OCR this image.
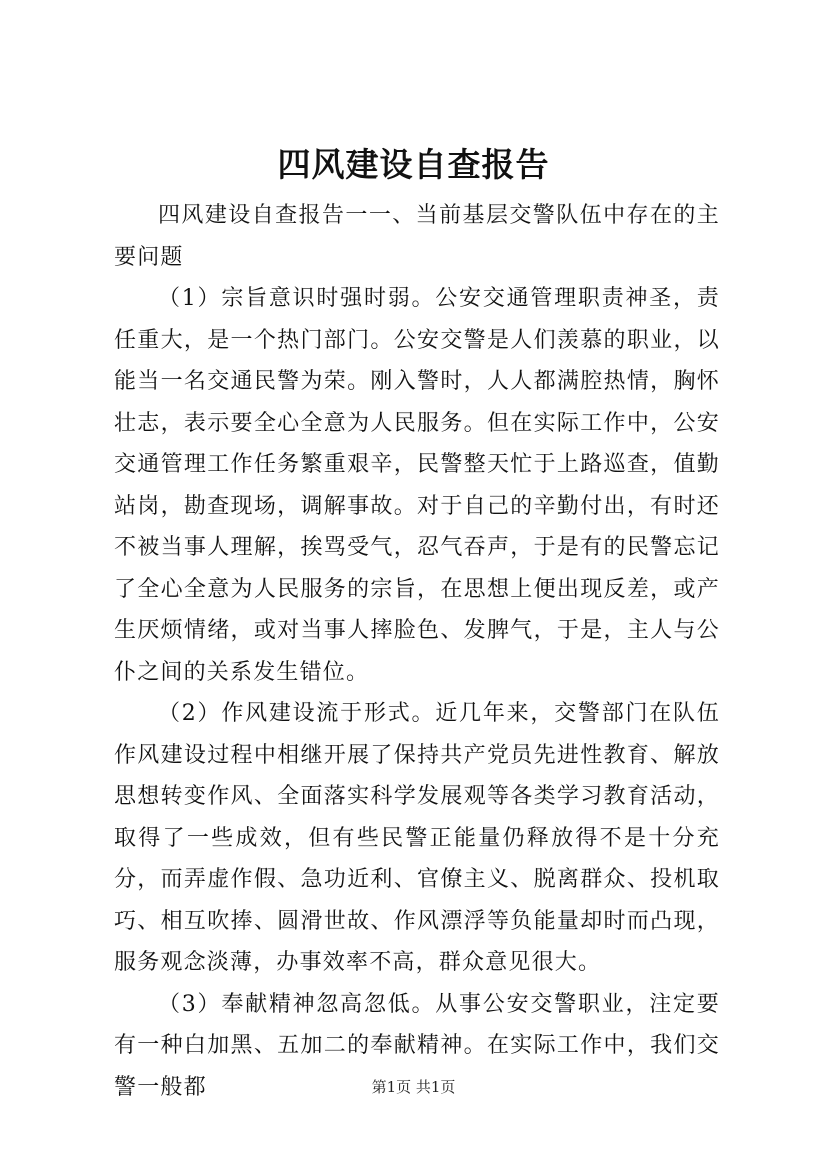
四风建设自查报告

四风建设自查报告一一、当前基层交警队伍中存在的主要问题

（1）宗旨意识时强时弱。公安交通管理职责神圣，责任重大，是一个热门部门。公安交警是人们羡慕的职业，以能当一名交通民警为荣。刚入警时，人人都满腔热情，胸怀壮志，表示要全心全意为人民服务。但在实际工作中，公安交通管理工作任务繁重艰辛，民警整天忙于上路巡查，值勤站岗，勘查现场，调解事故。对于自己的辛勤付出，有时还不被当事人理解，挨骂受气，忍气吞声，于是有的民警忘记了全心全意为人民服务的宗旨，在思想上便出现反差，或产生厌烦情绪，或对当事人摔脸色、发脾气，于是，主人与公仆之间的关系发生错位。

（2）作风建设流于形式。近几年来，交警部门在队伍作风建设过程中相继开展了保持共产党员先进性教育、解放思想转变作风、全面落实科学发展观等各类学习教育活动，取得了一些成效，但有些民警正能量仍释放得不是十分充分，而弄虚作假、急功近利、官僚主义、脱离群众、投机取巧、相互吹捧、圆滑世故、作风漂浮等负能量却时而凸现，服务观念淡薄，办事效率不高，群众意见很大。

（3）奉献精神忽高忽低。从事公安交警职业，注定要有一种白加黑、五加二的奉献精神。在实际工作中，我们交警一般都	第1页 共1页
